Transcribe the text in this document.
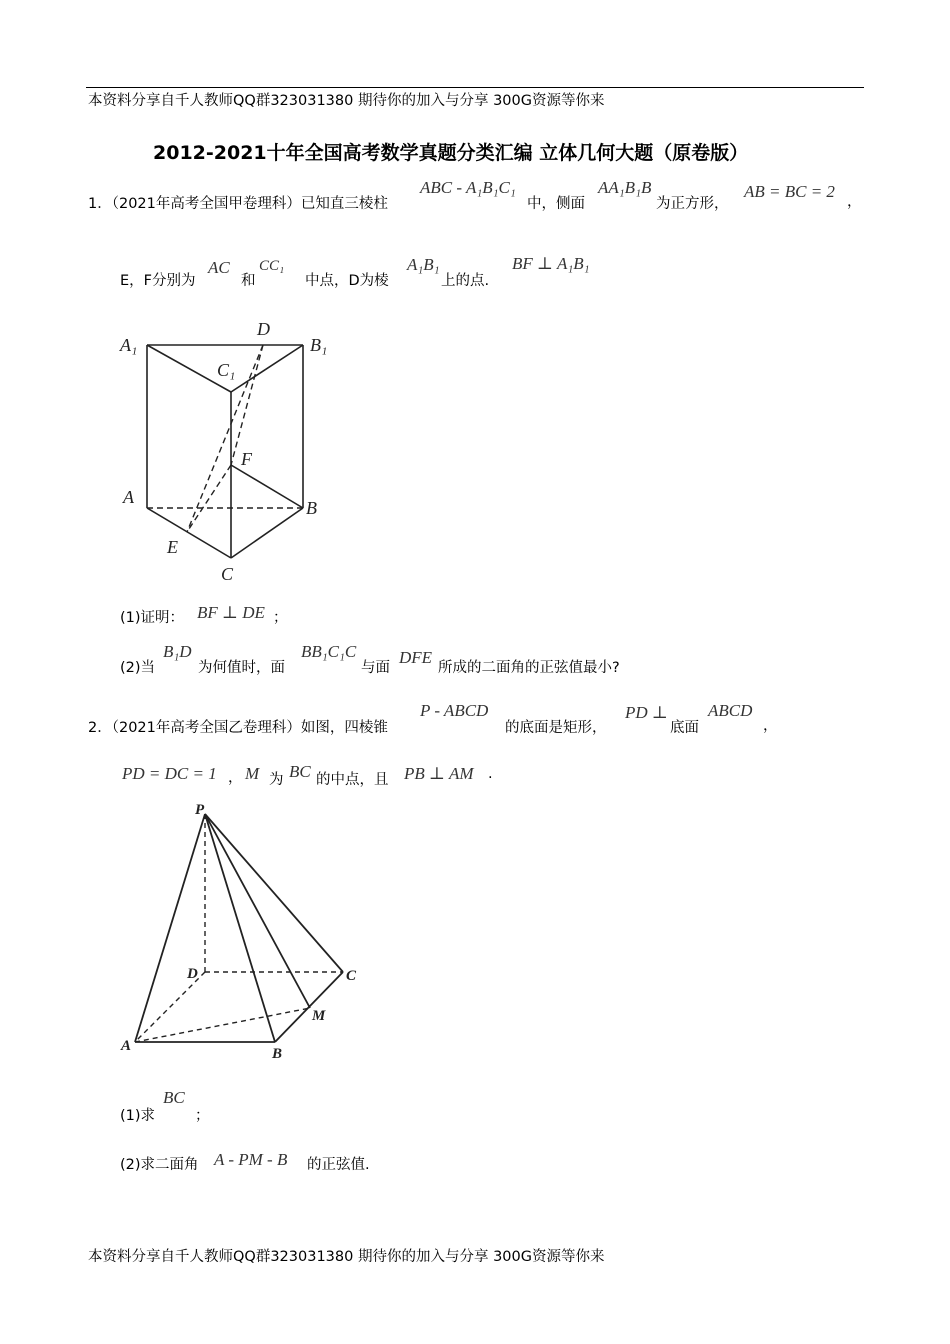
本资料分享自千人教师QQ群323031380 期待你的加入与分享 300G资源等你来
2012-2021十年全国高考数学真题分类汇编 立体几何大题（原卷版）
1．（2021年高考全国甲卷理科）已知直三棱柱
ABC - A₁B₁C₁
中，侧面
AA₁B₁B
为正方形，
AB = BC = 2
，
E，F分别为
AC
和
CC₁
中点，D为棱
A₁B₁
上的点.
BF ⊥ A₁B₁
A₁	B₁
C₁
D
F
A
B
E
C
(1)证明： BF ⊥ DE ；
(2)当
B₁D
为何值时，面
BB₁C₁C
与面
DFE
所成的二面角的正弦值最小?
2．（2021年高考全国乙卷理科）如图，四棱锥
P - ABCD
的底面是矩形，
PD ⊥
底面
ABCD
，
PD = DC = 1 ， M 为 BC 的中点，且 PB ⊥ AM .
P
D	C
M
A	B
(1)求
BC
；
(2)求二面角 A - PM - B 的正弦值.
本资料分享自千人教师QQ群323031380 期待你的加入与分享 300G资源等你来
